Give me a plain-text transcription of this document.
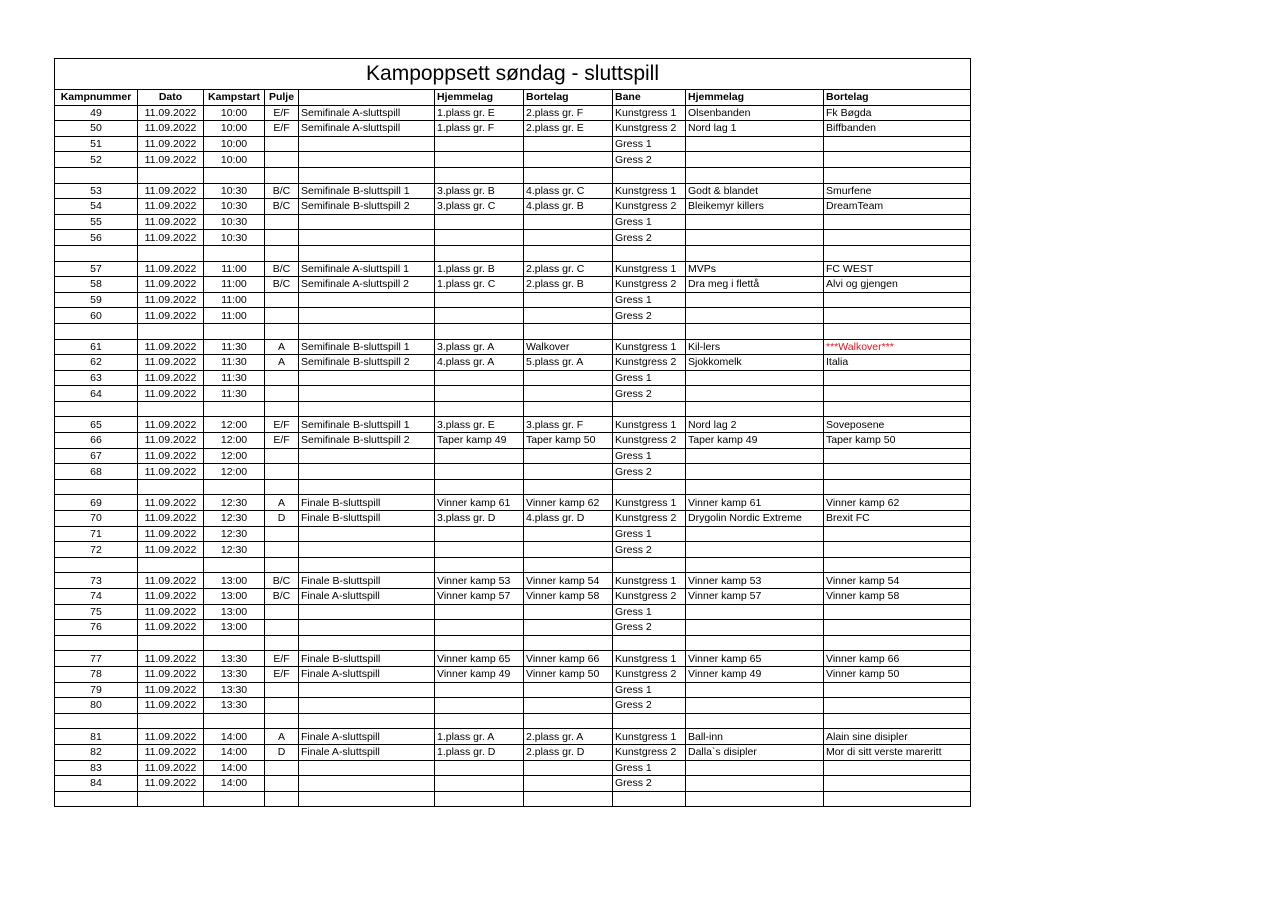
Kampoppsett søndag - sluttspill									
Kampnummer	Dato	Kampstart	Pulje		Hjemmelag	Bortelag	Bane	Hjemmelag	Bortelag
49	11.09.2022	10:00	E/F	Semifinale A-sluttspill	1.plass gr. E	2.plass gr. F	Kunstgress 1	Olsenbanden	Fk Bøgda
50	11.09.2022	10:00	E/F	Semifinale A-sluttspill	1.plass gr. F	2.plass gr. E	Kunstgress 2	Nord lag 1	Biffbanden
51	11.09.2022	10:00					Gress 1		
52	11.09.2022	10:00					Gress 2		

53	11.09.2022	10:30	B/C	Semifinale B-sluttspill 1	3.plass gr. B	4.plass gr. C	Kunstgress 1	Godt & blandet	Smurfene
54	11.09.2022	10:30	B/C	Semifinale B-sluttspill 2	3.plass gr. C	4.plass gr. B	Kunstgress 2	Bleikemyr killers	DreamTeam
55	11.09.2022	10:30					Gress 1		
56	11.09.2022	10:30					Gress 2		

57	11.09.2022	11:00	B/C	Semifinale A-sluttspill 1	1.plass gr. B	2.plass gr. C	Kunstgress 1	MVPs	FC WEST
58	11.09.2022	11:00	B/C	Semifinale A-sluttspill 2	1.plass gr. C	2.plass gr. B	Kunstgress 2	Dra meg i flettå	Alvi og gjengen
59	11.09.2022	11:00					Gress 1		
60	11.09.2022	11:00					Gress 2		

61	11.09.2022	11:30	A	Semifinale B-sluttspill 1	3.plass gr. A	Walkover	Kunstgress 1	Kil-lers	***Walkover***
62	11.09.2022	11:30	A	Semifinale B-sluttspill 2	4.plass gr. A	5.plass gr. A	Kunstgress 2	Sjokkomelk	Italia
63	11.09.2022	11:30					Gress 1		
64	11.09.2022	11:30					Gress 2		

65	11.09.2022	12:00	E/F	Semifinale B-sluttspill 1	3.plass gr. E	3.plass gr. F	Kunstgress 1	Nord lag 2	Soveposene
66	11.09.2022	12:00	E/F	Semifinale B-sluttspill 2	Taper kamp 49	Taper kamp 50	Kunstgress 2	Taper kamp 49	Taper kamp 50
67	11.09.2022	12:00					Gress 1		
68	11.09.2022	12:00					Gress 2		

69	11.09.2022	12:30	A	Finale B-sluttspill	Vinner kamp 61	Vinner kamp 62	Kunstgress 1	Vinner kamp 61	Vinner kamp 62
70	11.09.2022	12:30	D	Finale B-sluttspill	3.plass gr. D	4.plass gr. D	Kunstgress 2	Drygolin Nordic Extreme	Brexit FC
71	11.09.2022	12:30					Gress 1		
72	11.09.2022	12:30					Gress 2		

73	11.09.2022	13:00	B/C	Finale B-sluttspill	Vinner kamp 53	Vinner kamp 54	Kunstgress 1	Vinner kamp 53	Vinner kamp 54
74	11.09.2022	13:00	B/C	Finale A-sluttspill	Vinner kamp 57	Vinner kamp 58	Kunstgress 2	Vinner kamp 57	Vinner kamp 58
75	11.09.2022	13:00					Gress 1		
76	11.09.2022	13:00					Gress 2		

77	11.09.2022	13:30	E/F	Finale B-sluttspill	Vinner kamp 65	Vinner kamp 66	Kunstgress 1	Vinner kamp 65	Vinner kamp 66
78	11.09.2022	13:30	E/F	Finale A-sluttspill	Vinner kamp 49	Vinner kamp 50	Kunstgress 2	Vinner kamp 49	Vinner kamp 50
79	11.09.2022	13:30					Gress 1		
80	11.09.2022	13:30					Gress 2		

81	11.09.2022	14:00	A	Finale A-sluttspill	1.plass gr. A	2.plass gr. A	Kunstgress 1	Ball-inn	Alain sine disipler
82	11.09.2022	14:00	D	Finale A-sluttspill	1.plass gr. D	2.plass gr. D	Kunstgress 2	Dalla`s disipler	Mor di sitt verste mareritt
83	11.09.2022	14:00					Gress 1		
84	11.09.2022	14:00					Gress 2		
